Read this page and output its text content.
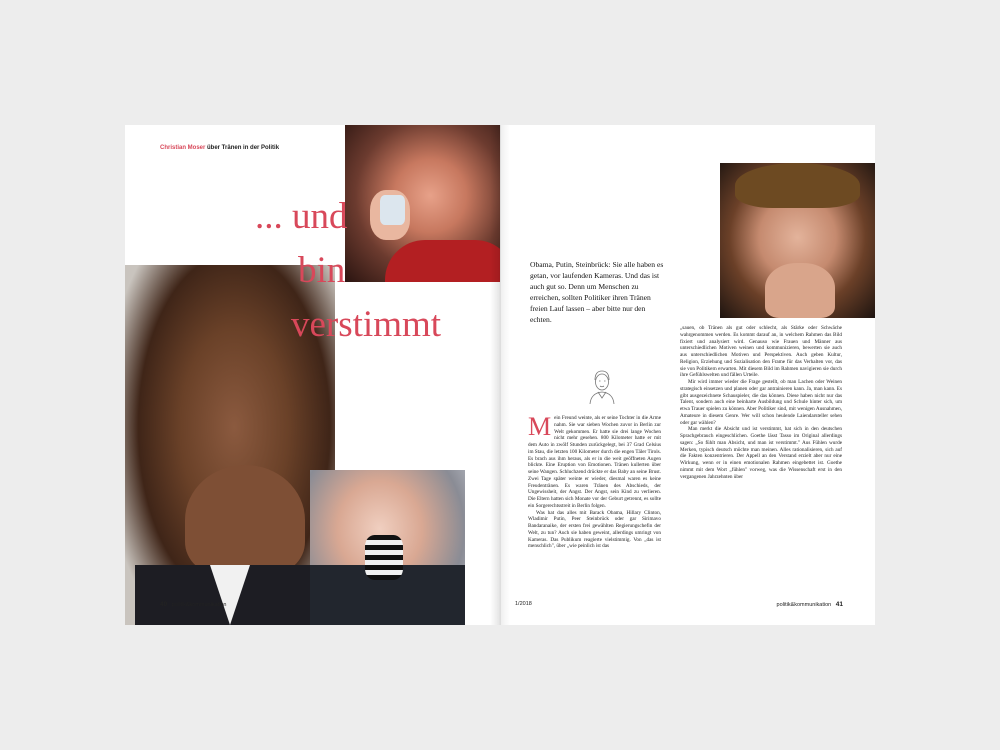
Christian Moser über Tränen in der Politik
... und
bin
verstimmt
40 politik&kommunikation
Obama, Putin, Steinbrück: Sie alle haben es getan, vor laufenden Kameras. Und das ist auch gut so. Denn um Menschen zu erreichen, sollten Politiker ihren Tränen freien Lauf lassen – aber bitte nur den echten.
M ein Freund weinte, als er seine Tochter in die Arme nahm. Sie war sieben Wochen zuvor in Berlin zur Welt gekommen. Er hatte sie drei lange Wochen nicht mehr gesehen. 800 Kilometer hatte er mit dem Auto in zwölf Stunden zurückgelegt, bei 37 Grad Celsius im Stau, die letzten 100 Kilometer durch die engen Täler Tirols. Es brach aus ihm heraus, als er in die weit geöffneten Augen blickte. Eine Eruption von Emotionen. Tränen kullerten über seine Wangen. Schluchzend drückte er das Baby an seine Brust. Zwei Tage später weinte er wieder, diesmal waren es keine Freudentränen. Es waren Tränen des Abschieds, der Ungewissheit, der Angst. Der Angst, sein Kind zu verlieren. Die Eltern hatten sich Monate vor der Geburt getrennt, es sollte ein Sorgerechtsstreit in Berlin folgen.

Was hat das alles mit Barack Obama, Hillary Clinton, Wladimir Putin, Peer Steinbrück oder gar Sirimavo Bandaranaike, der ersten frei gewählten Regierungschefin der Welt, zu tun? Auch sie haben geweint, allerdings umringt von Kameras. Das Publikum reagierte vielstimmig. Von „das ist menschlich", über „wie peinlich ist das

„sauen, ob Tränen als gut oder schlecht, als Stärke oder Schwäche wahrgenommen werden. Es kommt darauf an, in welchem Rahmen das Bild fixiert und analysiert wird. Genauso wie Frauen und Männer aus unterschiedlichen Motiven weinen und kommunizieren, bewerten sie auch aus unterschiedlichen Motiven und Perspektiven. Auch geben Kultur, Religion, Erziehung und Sozialisation den Frame für das Verhalten vor, das sie von Politikern erwarten. Mit diesem Bild im Rahmen navigieren sie durch ihre Gefühlswelten und fällen Urteile.

Mir wird immer wieder die Frage gestellt, ob man Lachen oder Weinen strategisch einsetzen und planen oder gar antrainieren kann. Ja, man kann. Es gibt ausgezeichnete Schauspieler, die das können. Diese haben nicht nur das Talent, sondern auch eine beinharte Ausbildung und Schule hinter sich, um etwa Trauer spielen zu können. Aber Politiker sind, mit wenigen Ausnahmen, Amateure in diesem Genre. Wer will schon heulende Laiendarsteller sehen oder gar wählen?

Man merkt die Absicht und ist verstimmt, hat sich in den deutschen Sprachgebrauch eingeschlichen. Goethe lässt Tasso im Original allerdings sagen: „So fühlt man Absicht, und man ist verstimmt." Aus Fühlen wurde Merken, typisch deutsch möchte man meinen. Alles rationalisieren, sich auf die Fakten konzentrieren. Der Appell an den Verstand erzielt aber nur eine Wirkung, wenn er in einen emotionalen Rahmen eingebettet ist. Goethe nimmt mit dem Wort „fühlen" vorweg, was die Wissenschaft erst in den vergangenen Jahrzehnten über

1/2018	politik&kommunikation 41
